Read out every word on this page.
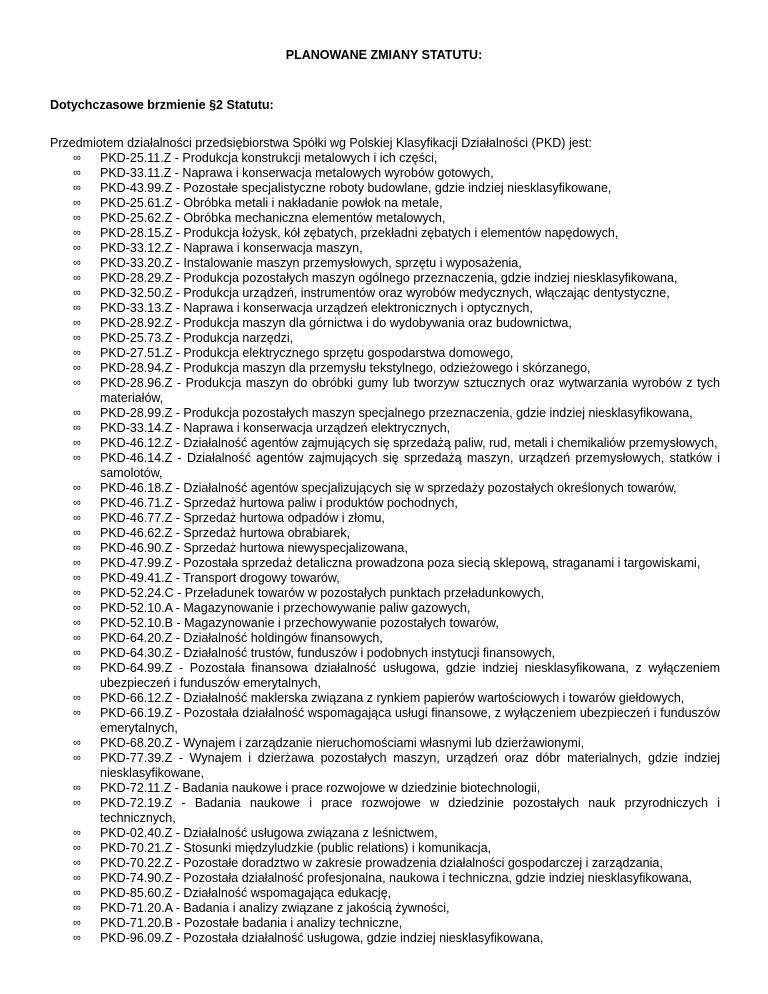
PLANOWANE ZMIANY STATUTU:
Dotychczasowe brzmienie §2 Statutu:
Przedmiotem działalności przedsiębiorstwa Spółki wg Polskiej Klasyfikacji Działalności (PKD) jest:
∞ PKD-25.11.Z - Produkcja konstrukcji metalowych i ich części,
∞ PKD-33.11.Z - Naprawa i konserwacja metalowych wyrobów gotowych,
∞ PKD-43.99.Z - Pozostałe specjalistyczne roboty budowlane, gdzie indziej niesklasyfikowane,
∞ PKD-25.61.Z - Obróbka metali i nakładanie powłok na metale,
∞ PKD-25.62.Z - Obróbka mechaniczna elementów metalowych,
∞ PKD-28.15.Z - Produkcja łożysk, kół zębatych, przekładni zębatych i elementów napędowych,
∞ PKD-33.12.Z - Naprawa i konserwacja maszyn,
∞ PKD-33.20.Z - Instalowanie maszyn przemysłowych, sprzętu i wyposażenia,
∞ PKD-28.29.Z - Produkcja pozostałych maszyn ogólnego przeznaczenia, gdzie indziej niesklasyfikowana,
∞ PKD-32.50.Z - Produkcja urządzeń, instrumentów oraz wyrobów medycznych, włączając dentystyczne,
∞ PKD-33.13.Z - Naprawa i konserwacja urządzeń elektronicznych i optycznych,
∞ PKD-28.92.Z - Produkcja maszyn dla górnictwa i do wydobywania oraz budownictwa,
∞ PKD-25.73.Z - Produkcja narzędzi,
∞ PKD-27.51.Z - Produkcja elektrycznego sprzętu gospodarstwa domowego,
∞ PKD-28.94.Z - Produkcja maszyn dla przemysłu tekstylnego, odzieżowego i skórzanego,
∞ PKD-28.96.Z - Produkcja maszyn do obróbki gumy lub tworzyw sztucznych oraz wytwarzania wyrobów z tych materiałów,
∞ PKD-28.99.Z - Produkcja pozostałych maszyn specjalnego przeznaczenia, gdzie indziej niesklasyfikowana,
∞ PKD-33.14.Z - Naprawa i konserwacja urządzeń elektrycznych,
∞ PKD-46.12.Z - Działalność agentów zajmujących się sprzedażą paliw, rud, metali i chemikaliów przemysłowych,
∞ PKD-46.14.Z - Działalność agentów zajmujących się sprzedażą maszyn, urządzeń przemysłowych, statków i samolotów,
∞ PKD-46.18.Z - Działalność agentów specjalizujących się w sprzedaży pozostałych określonych towarów,
∞ PKD-46.71.Z - Sprzedaż hurtowa paliw i produktów pochodnych,
∞ PKD-46.77.Z - Sprzedaż hurtowa odpadów i złomu,
∞ PKD-46.62.Z - Sprzedaż hurtowa obrabiarek,
∞ PKD-46.90.Z - Sprzedaż hurtowa niewyspecjalizowana,
∞ PKD-47.99.Z - Pozostała sprzedaż detaliczna prowadzona poza siecią sklepową, straganami i targowiskami,
∞ PKD-49.41.Z - Transport drogowy towarów,
∞ PKD-52.24.C - Przeładunek towarów w pozostałych punktach przeładunkowych,
∞ PKD-52.10.A - Magazynowanie i przechowywanie paliw gazowych,
∞ PKD-52.10.B - Magazynowanie i przechowywanie pozostałych towarów,
∞ PKD-64.20.Z - Działalność holdingów finansowych,
∞ PKD-64.30.Z - Działalność trustów, funduszów i podobnych instytucji finansowych,
∞ PKD-64.99.Z - Pozostała finansowa działalność usługowa, gdzie indziej niesklasyfikowana, z wyłączeniem ubezpieczeń i funduszów emerytalnych,
∞ PKD-66.12.Z - Działalność maklerska związana z rynkiem papierów wartościowych i towarów giełdowych,
∞ PKD-66.19.Z - Pozostała działalność wspomagająca usługi finansowe, z wyłączeniem ubezpieczeń i funduszów emerytalnych,
∞ PKD-68.20.Z - Wynajem i zarządzanie nieruchomościami własnymi lub dzierżawionymi,
∞ PKD-77.39.Z - Wynajem i dzierżawa pozostałych maszyn, urządzeń oraz dóbr materialnych, gdzie indziej niesklasyfikowane,
∞ PKD-72.11.Z - Badania naukowe i prace rozwojowe w dziedzinie biotechnologii,
∞ PKD-72.19.Z - Badania naukowe i prace rozwojowe w dziedzinie pozostałych nauk przyrodniczych i technicznych,
∞ PKD-02.40.Z - Działalność usługowa związana z leśnictwem,
∞ PKD-70.21.Z - Stosunki międzyludzkie (public relations) i komunikacja,
∞ PKD-70.22.Z - Pozostałe doradztwo w zakresie prowadzenia działalności gospodarczej i zarządzania,
∞ PKD-74.90.Z - Pozostała działalność profesjonalna, naukowa i techniczna, gdzie indziej niesklasyfikowana,
∞ PKD-85.60.Z - Działalność wspomagająca edukację,
∞ PKD-71.20.A - Badania i analizy związane z jakością żywności,
∞ PKD-71.20.B - Pozostałe badania i analizy techniczne,
∞ PKD-96.09.Z - Pozostała działalność usługowa, gdzie indziej niesklasyfikowana,
